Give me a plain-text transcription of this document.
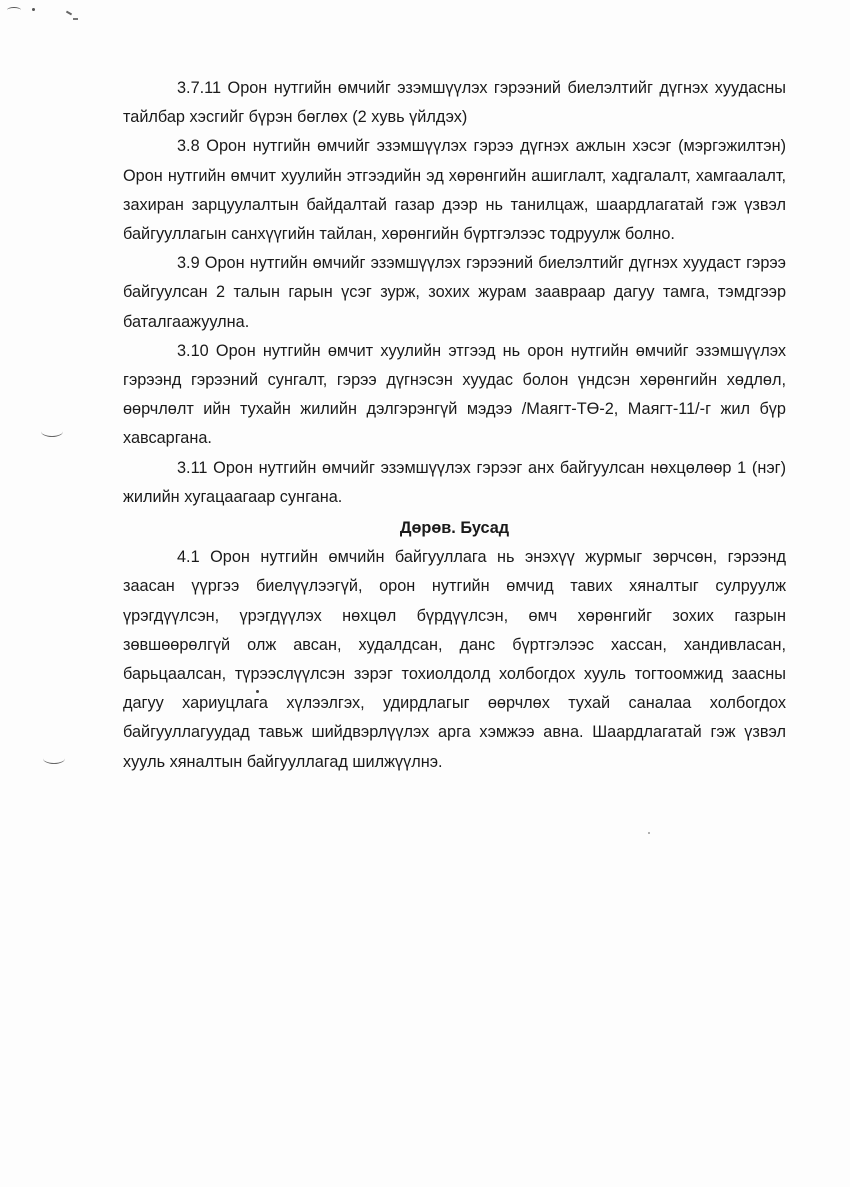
3.7.11 Орон нутгийн өмчийг эзэмшүүлэх гэрээний биелэлтийг дүгнэх хуудасны тайлбар хэсгийг бүрэн бөглөх (2 хувь үйлдэх)

3.8 Орон нутгийн өмчийг эзэмшүүлэх гэрээ дүгнэх ажлын хэсэг (мэргэжилтэн) Орон нутгийн өмчит хуулийн этгээдийн эд хөрөнгийн ашиглалт, хадгалалт, хамгаалалт, захиран зарцуулалтын байдалтай газар дээр нь танилцаж, шаардлагатай гэж үзвэл байгууллагын санхүүгийн тайлан, хөрөнгийн бүртгэлээс тодруулж болно.

3.9 Орон нутгийн өмчийг эзэмшүүлэх гэрээний биелэлтийг дүгнэх хуудаст гэрээ байгуулсан 2 талын гарын үсэг зурж, зохих журам заавраар дагуу тамга, тэмдгээр баталгаажуулна.

3.10 Орон нутгийн өмчит хуулийн этгээд нь орон нутгийн өмчийг эзэмшүүлэх гэрээнд гэрээний сунгалт, гэрээ дүгнэсэн хуудас болон үндсэн хөрөнгийн хөдлөл, өөрчлөлт ийн тухайн жилийн дэлгэрэнгүй мэдээ /Маягт-ТӨ-2, Маягт-11/-г жил бүр хавсаргана.

3.11 Орон нутгийн өмчийг эзэмшүүлэх гэрээг анх байгуулсан нөхцөлөөр 1 (нэг) жилийн хугацаагаар сунгана.

Дөрөв. Бусад

4.1 Орон нутгийн өмчийн байгууллага нь энэхүү журмыг зөрчсөн, гэрээнд заасан үүргээ биелүүлээгүй, орон нутгийн өмчид тавих хяналтыг сулруулж үрэгдүүлсэн, үрэгдүүлэх нөхцөл бүрдүүлсэн, өмч хөрөнгийг зохих газрын зөвшөөрөлгүй олж авсан, худалдсан, данс бүртгэлээс хассан, хандивласан, барьцаалсан, түрээслүүлсэн зэрэг тохиолдолд холбогдох хууль тогтоомжид заасны дагуу хариуцлага хүлээлгэх, удирдлагыг өөрчлөх тухай саналаа холбогдох байгууллагуудад тавьж шийдвэрлүүлэх арга хэмжээ авна. Шаардлагатай гэж үзвэл хууль хяналтын байгууллагад шилжүүлнэ.
